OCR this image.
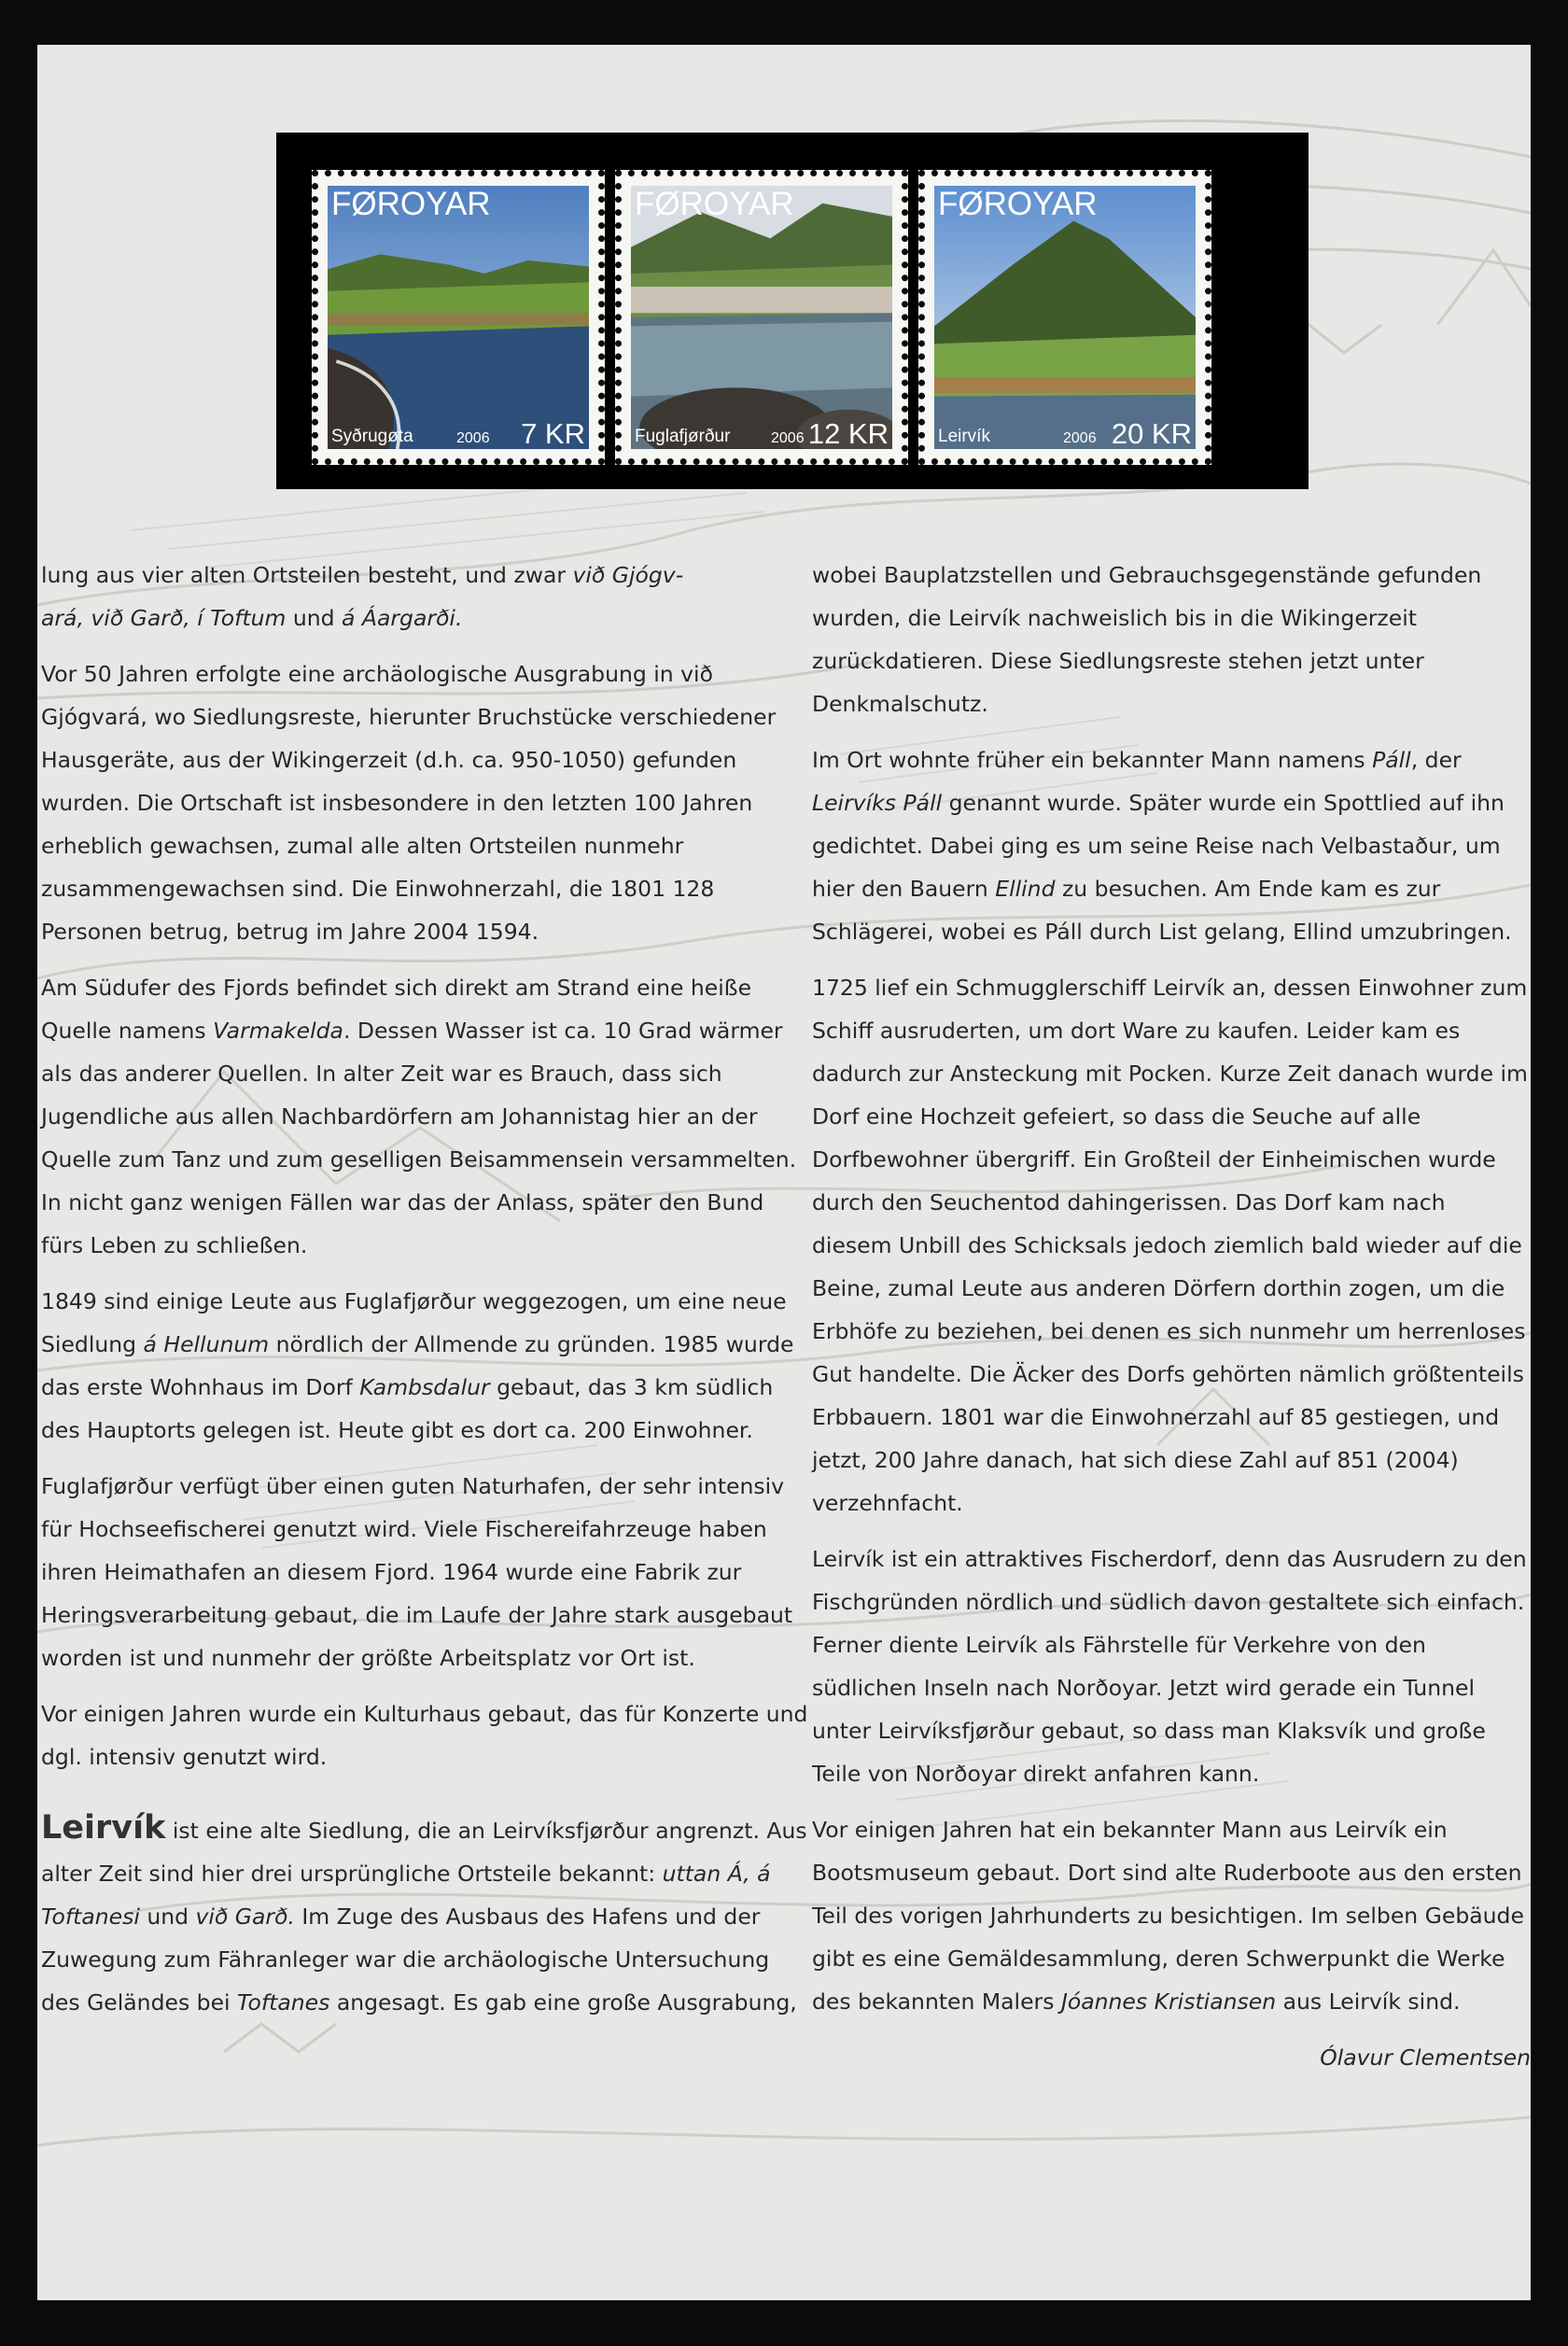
FØROYAR
Syðrugøta	2006 7 KR
FØROYAR
Fuglafjørður	2006 12 KR
FØROYAR
Leirvík	2006 20 KR

lung aus vier alten Ortsteilen besteht, und zwar við Gjógv-
ará, við Garð, í Toftum und á Áargarði.

Vor 50 Jahren erfolgte eine archäologische Ausgrabung in við Gjógvará, wo Siedlungsreste, hierunter Bruchstücke verschiedener Hausgeräte, aus der Wikingerzeit (d.h. ca. 950-1050) gefunden wurden. Die Ortschaft ist insbesondere in den letzten 100 Jahren erheblich gewachsen, zumal alle alten Ortsteilen nunmehr zusammengewachsen sind. Die Einwohnerzahl, die 1801 128 Personen betrug, betrug im Jahre 2004 1594.

Am Südufer des Fjords befindet sich direkt am Strand eine heiße Quelle namens Varmakelda. Dessen Wasser ist ca. 10 Grad wärmer als das anderer Quellen. In alter Zeit war es Brauch, dass sich Jugendliche aus allen Nachbardörfern am Johannistag hier an der Quelle zum Tanz und zum geselligen Beisammensein versammelten. In nicht ganz wenigen Fällen war das der Anlass, später den Bund fürs Leben zu schließen.

1849 sind einige Leute aus Fuglafjørður weggezogen, um eine neue Siedlung á Hellunum nördlich der Allmende zu gründen. 1985 wurde das erste Wohnhaus im Dorf Kambsdalur gebaut, das 3 km südlich des Hauptorts gelegen ist. Heute gibt es dort ca. 200 Einwohner.

Fuglafjørður verfügt über einen guten Naturhafen, der sehr intensiv für Hochseefischerei genutzt wird. Viele Fischereifahrzeuge haben ihren Heimathafen an diesem Fjord. 1964 wurde eine Fabrik zur Heringsverarbeitung gebaut, die im Laufe der Jahre stark ausgebaut worden ist und nunmehr der größte Arbeitsplatz vor Ort ist.

Vor einigen Jahren wurde ein Kulturhaus gebaut, das für Konzerte und dgl. intensiv genutzt wird.

Leirvík ist eine alte Siedlung, die an Leirvíksfjørður angrenzt. Aus alter Zeit sind hier drei ursprüngliche Ortsteile bekannt: uttan Á, á Toftanesi und við Garð. Im Zuge des Ausbaus des Hafens und der Zuwegung zum Fähranleger war die archäologische Untersuchung des Geländes bei Toftanes angesagt. Es gab eine große Ausgrabung,

wobei Bauplatzstellen und Gebrauchsgegenstände gefunden wurden, die Leirvík nachweislich bis in die Wikingerzeit zurückdatieren. Diese Siedlungsreste stehen jetzt unter Denkmalschutz.

Im Ort wohnte früher ein bekannter Mann namens Páll, der Leirvíks Páll genannt wurde. Später wurde ein Spottlied auf ihn gedichtet. Dabei ging es um seine Reise nach Velbastaður, um hier den Bauern Ellind zu besuchen. Am Ende kam es zur Schlägerei, wobei es Páll durch List gelang, Ellind umzubringen.

1725 lief ein Schmugglerschiff Leirvík an, dessen Einwohner zum Schiff ausruderten, um dort Ware zu kaufen. Leider kam es dadurch zur Ansteckung mit Pocken. Kurze Zeit danach wurde im Dorf eine Hochzeit gefeiert, so dass die Seuche auf alle Dorfbewohner übergriff. Ein Großteil der Einheimischen wurde durch den Seuchentod dahingerissen. Das Dorf kam nach diesem Unbill des Schicksals jedoch ziemlich bald wieder auf die Beine, zumal Leute aus anderen Dörfern dorthin zogen, um die Erbhöfe zu beziehen, bei denen es sich nunmehr um herrenloses Gut handelte. Die Äcker des Dorfs gehörten nämlich größtenteils Erbbauern. 1801 war die Einwohnerzahl auf 85 gestiegen, und jetzt, 200 Jahre danach, hat sich diese Zahl auf 851 (2004) verzehnfacht.

Leirvík ist ein attraktives Fischerdorf, denn das Ausrudern zu den Fischgründen nördlich und südlich davon gestaltete sich einfach. Ferner diente Leirvík als Fährstelle für Verkehre von den südlichen Inseln nach Norðoyar. Jetzt wird gerade ein Tunnel unter Leirvíksfjørður gebaut, so dass man Klaksvík und große Teile von Norðoyar direkt anfahren kann.

Vor einigen Jahren hat ein bekannter Mann aus Leirvík ein Bootsmuseum gebaut. Dort sind alte Ruderboote aus den ersten Teil des vorigen Jahrhunderts zu besichtigen. Im selben Gebäude gibt es eine Gemäldesammlung, deren Schwerpunkt die Werke des bekannten Malers Jóannes Kristiansen aus Leirvík sind.

Ólavur Clementsen
